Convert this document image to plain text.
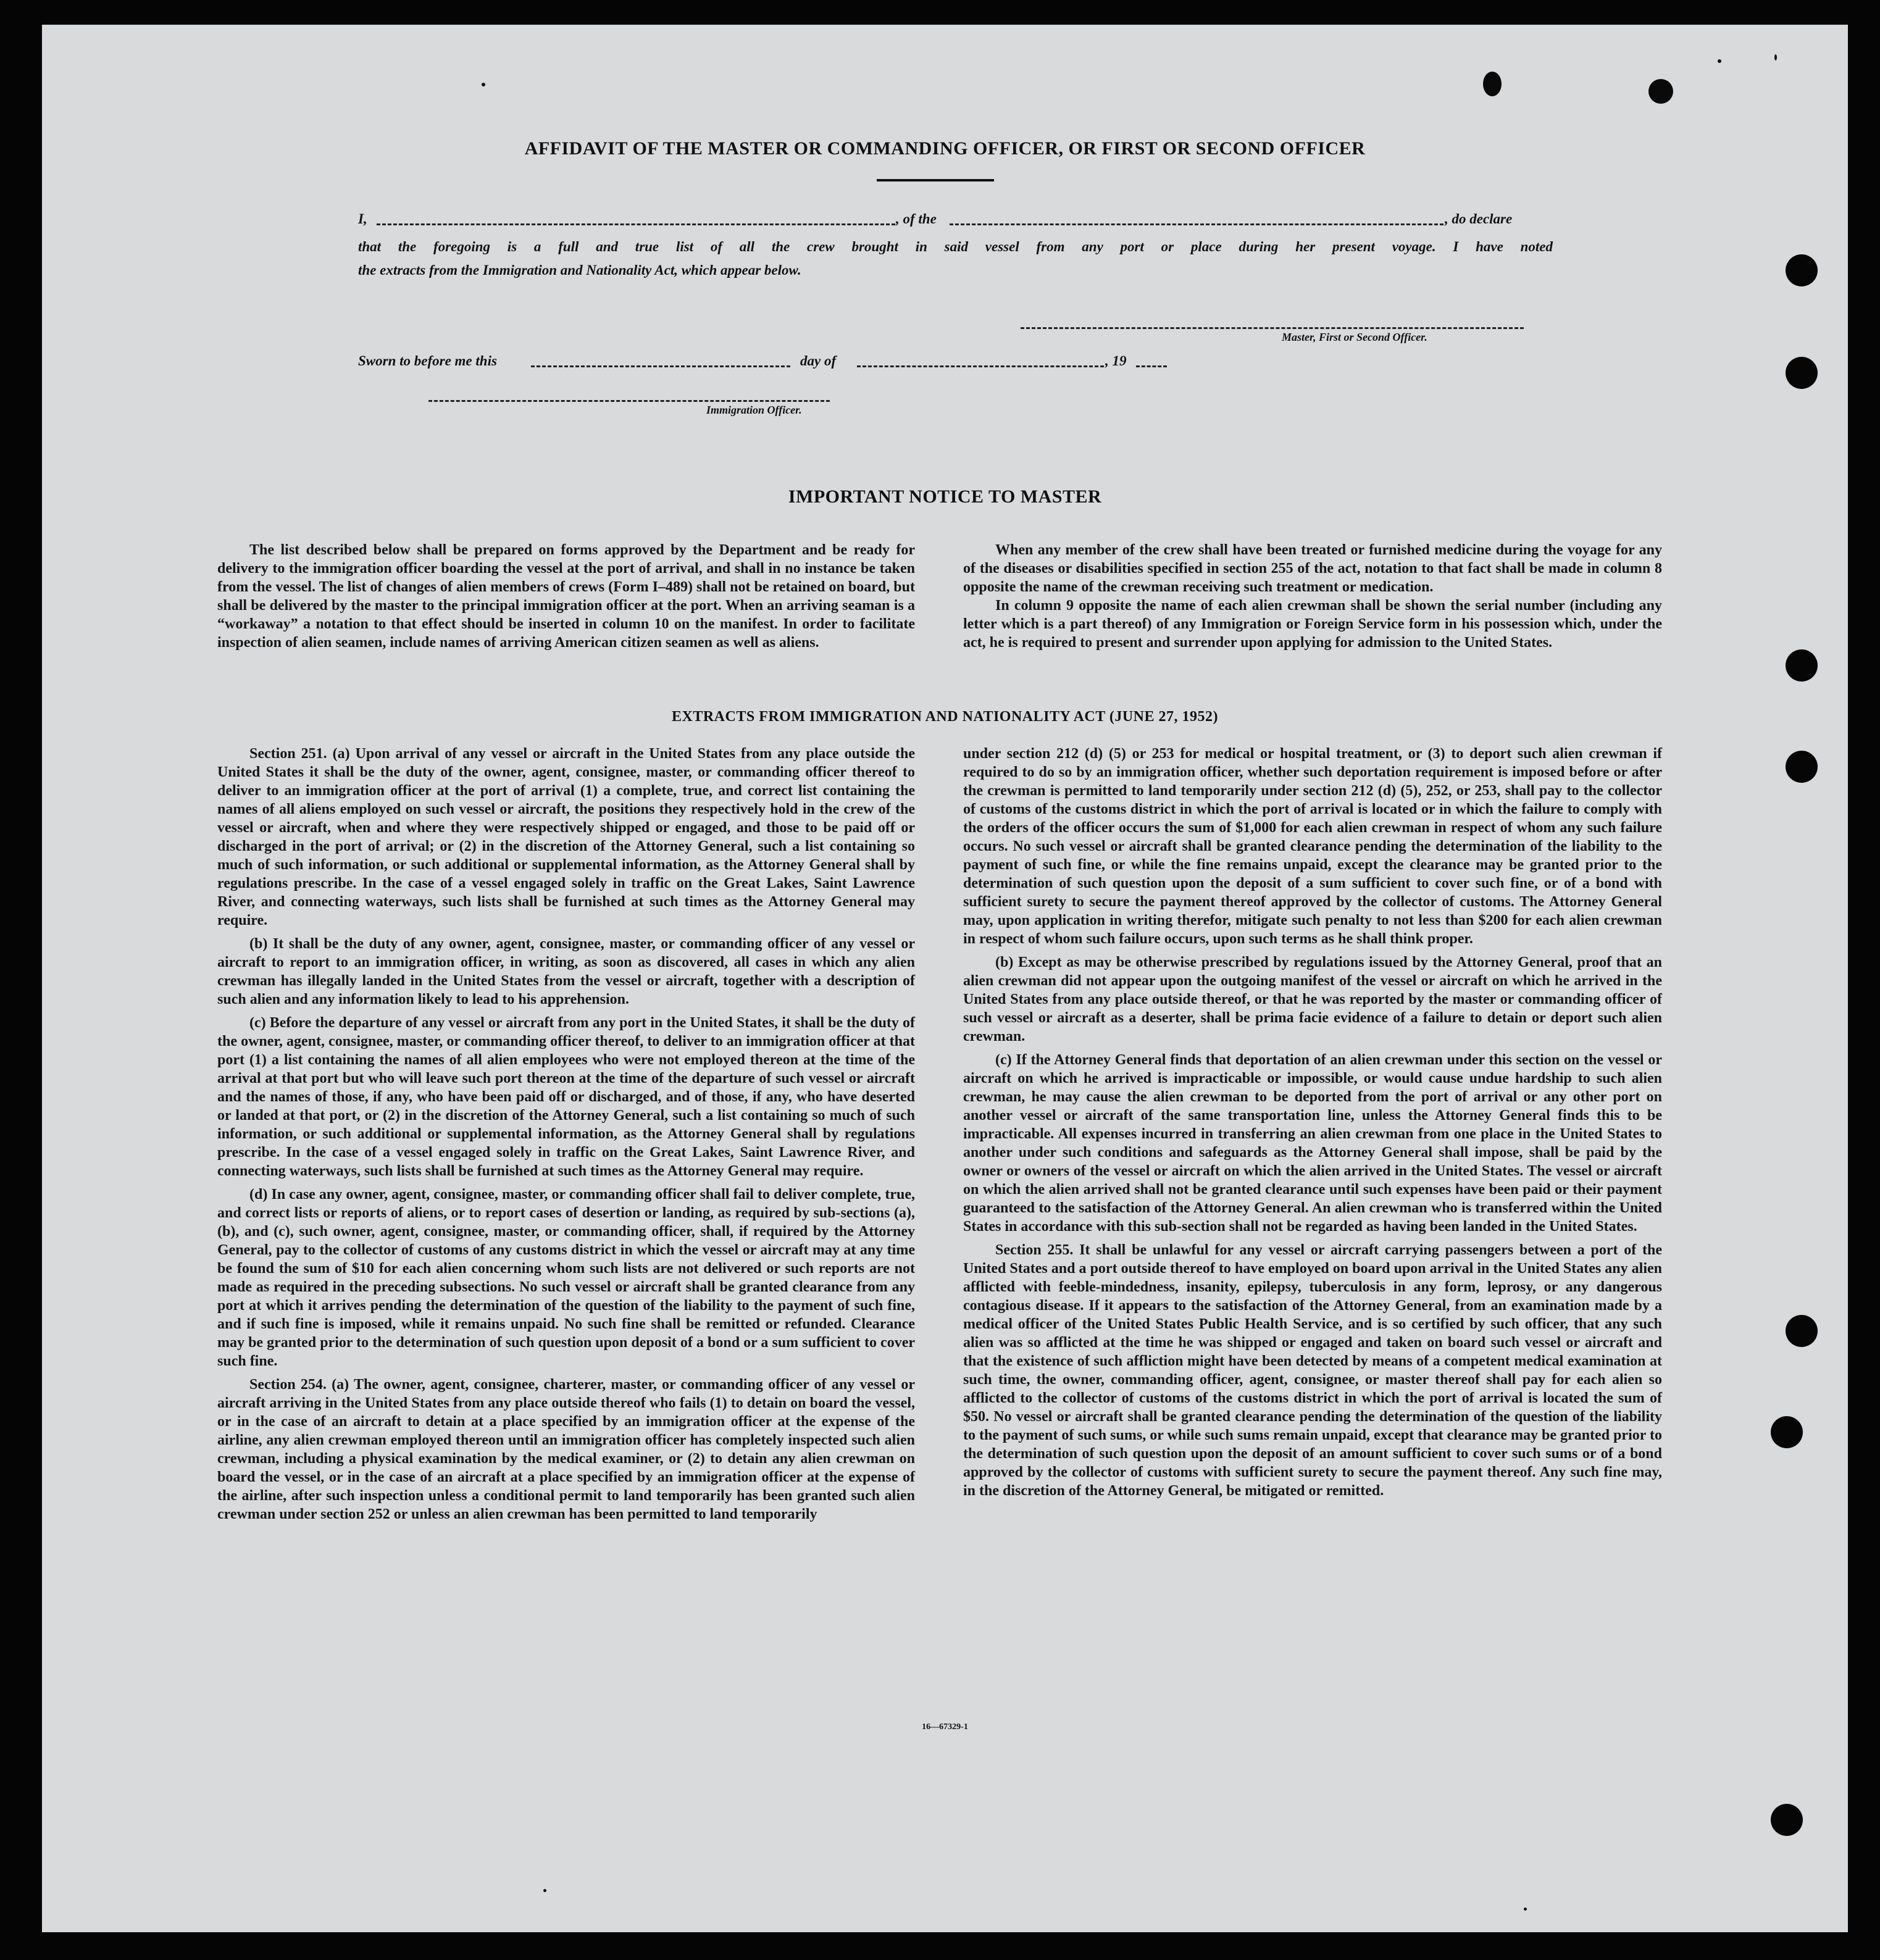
AFFIDAVIT OF THE MASTER OR COMMANDING OFFICER, OR FIRST OR SECOND OFFICER
I,	, of the	, do declare
that the foregoing is a full and true list of all the crew brought in said vessel from any port or place during her present voyage. I have noted
the extracts from the Immigration and Nationality Act, which appear below.
Master, First or Second Officer.
Sworn to before me this	day of	, 19
Immigration Officer.
IMPORTANT NOTICE TO MASTER

The list described below shall be prepared on forms approved by the Department and be ready for delivery to the immigration officer boarding the vessel at the port of arrival, and shall in no instance be taken from the vessel. The list of changes of alien members of crews (Form I–489) shall not be retained on board, but shall be delivered by the master to the principal immigration officer at the port. When an arriving seaman is a “workaway” a notation to that effect should be inserted in column 10 on the manifest. In order to facilitate inspection of alien seamen, include names of arriving American citizen seamen as well as aliens.

When any member of the crew shall have been treated or furnished medicine during the voyage for any of the diseases or disabilities specified in section 255 of the act, notation to that fact shall be made in column 8 opposite the name of the crewman receiving such treatment or medication.

In column 9 opposite the name of each alien crewman shall be shown the serial number (including any letter which is a part thereof) of any Immigration or Foreign Service form in his possession which, under the act, he is required to present and surrender upon applying for admission to the United States.

EXTRACTS FROM IMMIGRATION AND NATIONALITY ACT (JUNE 27, 1952)

Section 251. (a) Upon arrival of any vessel or aircraft in the United States from any place outside the United States it shall be the duty of the owner, agent, consignee, master, or commanding officer thereof to deliver to an immigration officer at the port of arrival (1) a complete, true, and correct list containing the names of all aliens employed on such vessel or aircraft, the positions they respectively hold in the crew of the vessel or aircraft, when and where they were respectively shipped or engaged, and those to be paid off or discharged in the port of arrival; or (2) in the discretion of the Attorney General, such a list containing so much of such information, or such additional or supplemental information, as the Attorney General shall by regulations prescribe. In the case of a vessel engaged solely in traffic on the Great Lakes, Saint Lawrence River, and connecting waterways, such lists shall be furnished at such times as the Attorney General may require.

(b) It shall be the duty of any owner, agent, consignee, master, or commanding officer of any vessel or aircraft to report to an immigration officer, in writing, as soon as discovered, all cases in which any alien crewman has illegally landed in the United States from the vessel or aircraft, together with a description of such alien and any information likely to lead to his apprehension.

(c) Before the departure of any vessel or aircraft from any port in the United States, it shall be the duty of the owner, agent, consignee, master, or commanding officer thereof, to deliver to an immigration officer at that port (1) a list containing the names of all alien employees who were not employed thereon at the time of the arrival at that port but who will leave such port thereon at the time of the departure of such vessel or aircraft and the names of those, if any, who have been paid off or discharged, and of those, if any, who have deserted or landed at that port, or (2) in the discretion of the Attorney General, such a list containing so much of such information, or such additional or supplemental information, as the Attorney General shall by regulations prescribe. In the case of a vessel engaged solely in traffic on the Great Lakes, Saint Lawrence River, and connecting waterways, such lists shall be furnished at such times as the Attorney General may require.

(d) In case any owner, agent, consignee, master, or commanding officer shall fail to deliver complete, true, and correct lists or reports of aliens, or to report cases of desertion or landing, as required by sub-sections (a), (b), and (c), such owner, agent, consignee, master, or commanding officer, shall, if required by the Attorney General, pay to the collector of customs of any customs district in which the vessel or aircraft may at any time be found the sum of $10 for each alien concerning whom such lists are not delivered or such reports are not made as required in the preceding subsections. No such vessel or aircraft shall be granted clearance from any port at which it arrives pending the determination of the question of the liability to the payment of such fine, and if such fine is imposed, while it remains unpaid. No such fine shall be remitted or refunded. Clearance may be granted prior to the determination of such question upon deposit of a bond or a sum sufficient to cover such fine.

Section 254. (a) The owner, agent, consignee, charterer, master, or commanding officer of any vessel or aircraft arriving in the United States from any place outside thereof who fails (1) to detain on board the vessel, or in the case of an aircraft to detain at a place specified by an immigration officer at the expense of the airline, any alien crewman employed thereon until an immigration officer has completely inspected such alien crewman, including a physical examination by the medical examiner, or (2) to detain any alien crewman on board the vessel, or in the case of an aircraft at a place specified by an immigration officer at the expense of the airline, after such inspection unless a conditional permit to land temporarily has been granted such alien crewman under section 252 or unless an alien crewman has been permitted to land temporarily

under section 212 (d) (5) or 253 for medical or hospital treatment, or (3) to deport such alien crewman if required to do so by an immigration officer, whether such deportation requirement is imposed before or after the crewman is permitted to land temporarily under section 212 (d) (5), 252, or 253, shall pay to the collector of customs of the customs district in which the port of arrival is located or in which the failure to comply with the orders of the officer occurs the sum of $1,000 for each alien crewman in respect of whom any such failure occurs. No such vessel or aircraft shall be granted clearance pending the determination of the liability to the payment of such fine, or while the fine remains unpaid, except the clearance may be granted prior to the determination of such question upon the deposit of a sum sufficient to cover such fine, or of a bond with sufficient surety to secure the payment thereof approved by the collector of customs. The Attorney General may, upon application in writing therefor, mitigate such penalty to not less than $200 for each alien crewman in respect of whom such failure occurs, upon such terms as he shall think proper.

(b) Except as may be otherwise prescribed by regulations issued by the Attorney General, proof that an alien crewman did not appear upon the outgoing manifest of the vessel or aircraft on which he arrived in the United States from any place outside thereof, or that he was reported by the master or commanding officer of such vessel or aircraft as a deserter, shall be prima facie evidence of a failure to detain or deport such alien crewman.

(c) If the Attorney General finds that deportation of an alien crewman under this section on the vessel or aircraft on which he arrived is impracticable or impossible, or would cause undue hardship to such alien crewman, he may cause the alien crewman to be deported from the port of arrival or any other port on another vessel or aircraft of the same transportation line, unless the Attorney General finds this to be impracticable. All expenses incurred in transferring an alien crewman from one place in the United States to another under such conditions and safeguards as the Attorney General shall impose, shall be paid by the owner or owners of the vessel or aircraft on which the alien arrived in the United States. The vessel or aircraft on which the alien arrived shall not be granted clearance until such expenses have been paid or their payment guaranteed to the satisfaction of the Attorney General. An alien crewman who is transferred within the United States in accordance with this sub-section shall not be regarded as having been landed in the United States.

Section 255. It shall be unlawful for any vessel or aircraft carrying passengers between a port of the United States and a port outside thereof to have employed on board upon arrival in the United States any alien afflicted with feeble-mindedness, insanity, epilepsy, tuberculosis in any form, leprosy, or any dangerous contagious disease. If it appears to the satisfaction of the Attorney General, from an examination made by a medical officer of the United States Public Health Service, and is so certified by such officer, that any such alien was so afflicted at the time he was shipped or engaged and taken on board such vessel or aircraft and that the existence of such affliction might have been detected by means of a competent medical examination at such time, the owner, commanding officer, agent, consignee, or master thereof shall pay for each alien so afflicted to the collector of customs of the customs district in which the port of arrival is located the sum of $50. No vessel or aircraft shall be granted clearance pending the determination of the question of the liability to the payment of such sums, or while such sums remain unpaid, except that clearance may be granted prior to the determination of such question upon the deposit of an amount sufficient to cover such sums or of a bond approved by the collector of customs with sufficient surety to secure the payment thereof. Any such fine may, in the discretion of the Attorney General, be mitigated or remitted.

16—67329-1
